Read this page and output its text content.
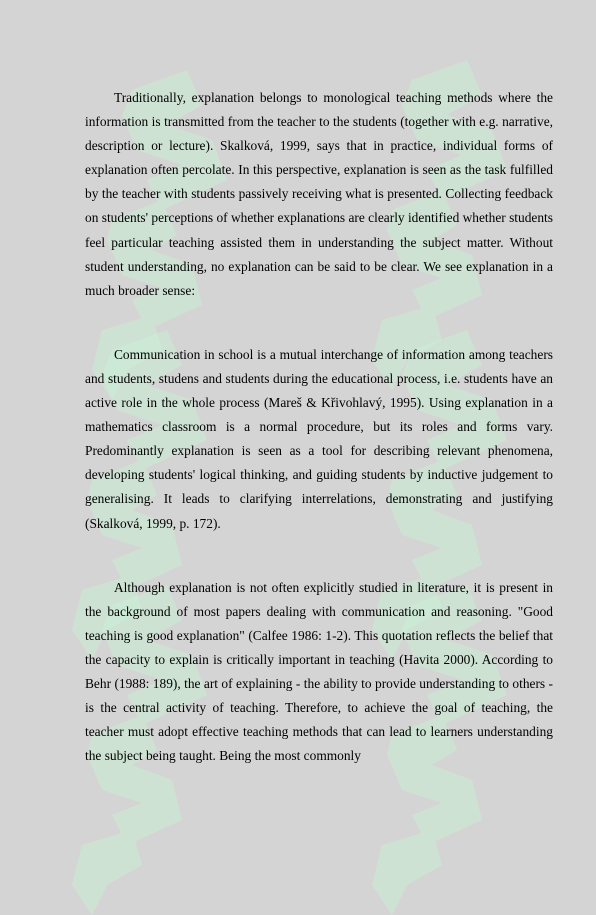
Traditionally, explanation belongs to monological teaching methods where the information is transmitted from the teacher to the students (together with e.g. narrative, description or lecture). Skalková, 1999, says that in practice, individual forms of explanation often percolate. In this perspective, explanation is seen as the task fulfilled by the teacher with students passively receiving what is presented. Collecting feedback on students' perceptions of whether explanations are clearly identified whether students feel particular teaching assisted them in understanding the subject matter. Without student understanding, no explanation can be said to be clear. We see explanation in a much broader sense:

Communication in school is a mutual interchange of information among teachers and students, studens and students during the educational process, i.e. students have an active role in the whole process (Mareš & Křivohlavý, 1995). Using explanation in a mathematics classroom is a normal procedure, but its roles and forms vary. Predominantly explanation is seen as a tool for describing relevant phenomena, developing students' logical thinking, and guiding students by inductive judgement to generalising. It leads to clarifying interrelations, demonstrating and justifying (Skalková, 1999, p. 172).

Although explanation is not often explicitly studied in literature, it is present in the background of most papers dealing with communication and reasoning. "Good teaching is good explanation" (Calfee 1986: 1-2). This quotation reflects the belief that the capacity to explain is critically important in teaching (Havita 2000). According to Behr (1988: 189), the art of explaining - the ability to provide understanding to others - is the central activity of teaching. Therefore, to achieve the goal of teaching, the teacher must adopt effective teaching methods that can lead to learners understanding the subject being taught. Being the most commonly
